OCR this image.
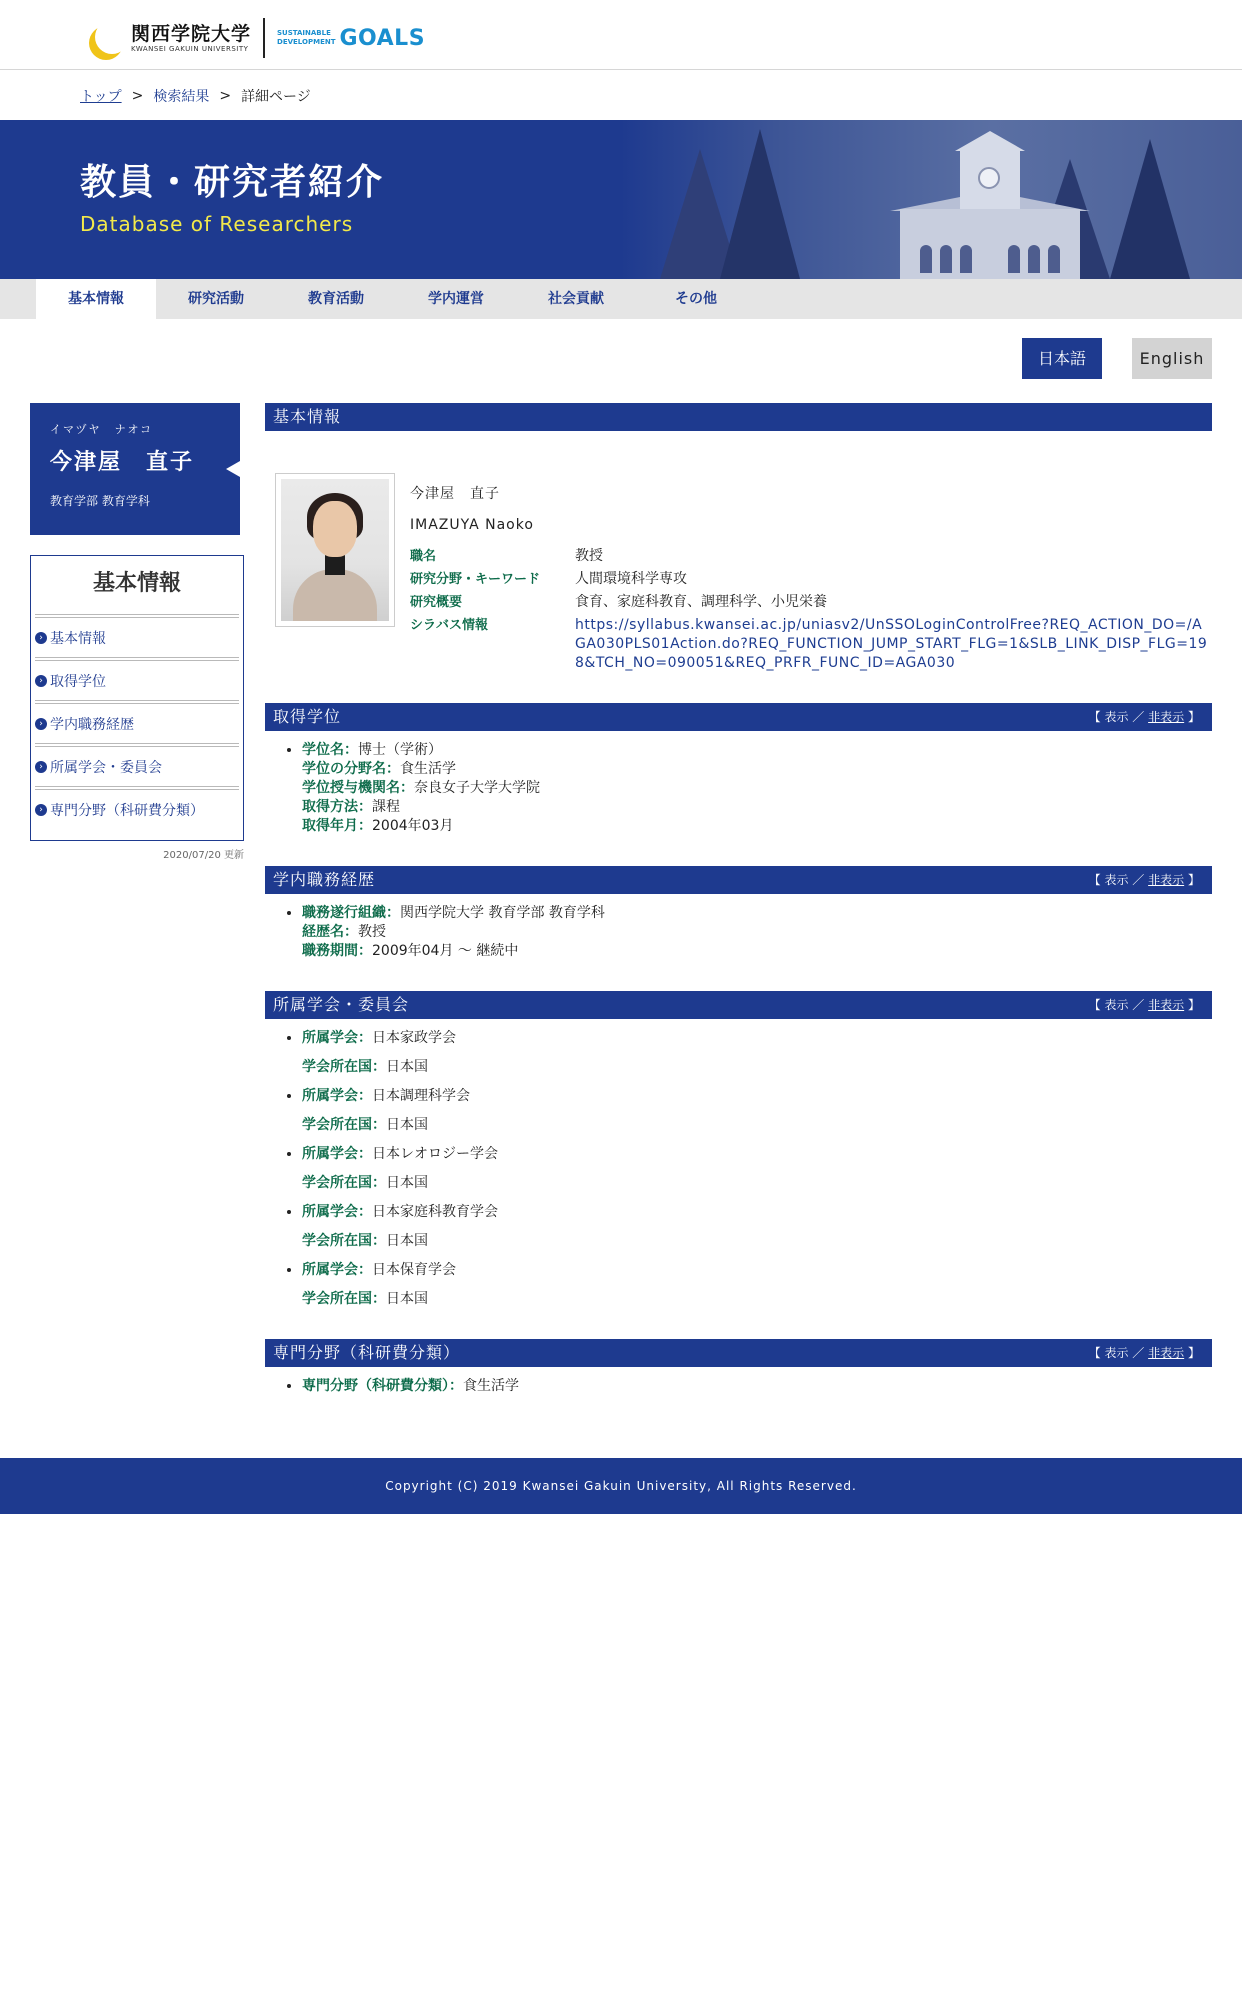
関西学院大学
KWANSEI GAKUIN UNIVERSITY
SUSTAINABLE
DEVELOPMENT GOALS
トップ > 検索結果 > 詳細ページ
教員・研究者紹介
Database of Researchers
基本情報	研究活動	教育活動	学内運営	社会貢献	その他
日本語	English
イマヅヤ　ナオコ
今津屋　直子
教育学部 教育学科
基本情報
› 基本情報
› 取得学位
› 学内職務経歴
› 所属学会・委員会
› 専門分野（科研費分類）
2020/07/20 更新
基本情報
今津屋　直子
IMAZUYA Naoko
職名	教授
研究分野・キーワード	人間環境科学専攻
研究概要	食育、家庭科教育、調理科学、小児栄養
シラバス情報	https://syllabus.kwansei.ac.jp/uniasv2/UnSSOLoginControlFree?REQ_ACTION_DO=/AGA030PLS01Action.do?REQ_FUNCTION_JUMP_START_FLG=1&SLB_LINK_DISP_FLG=198&TCH_NO=090051&REQ_PRFR_FUNC_ID=AGA030
取得学位	【 表示 ／ 非表示 】
• 学位名：博士（学術）
学位の分野名：食生活学
学位授与機関名：奈良女子大学大学院
取得方法：課程
取得年月：2004年03月
学内職務経歴	【 表示 ／ 非表示 】
• 職務遂行組織：関西学院大学 教育学部 教育学科
経歴名：教授
職務期間：2009年04月 ～ 継続中
所属学会・委員会	【 表示 ／ 非表示 】
• 所属学会：日本家政学会
学会所在国：日本国
• 所属学会：日本調理科学会
学会所在国：日本国
• 所属学会：日本レオロジー学会
学会所在国：日本国
• 所属学会：日本家庭科教育学会
学会所在国：日本国
• 所属学会：日本保育学会
学会所在国：日本国
専門分野（科研費分類）	【 表示 ／ 非表示 】
• 専門分野（科研費分類）：食生活学
Copyright (C) 2019 Kwansei Gakuin University, All Rights Reserved.
